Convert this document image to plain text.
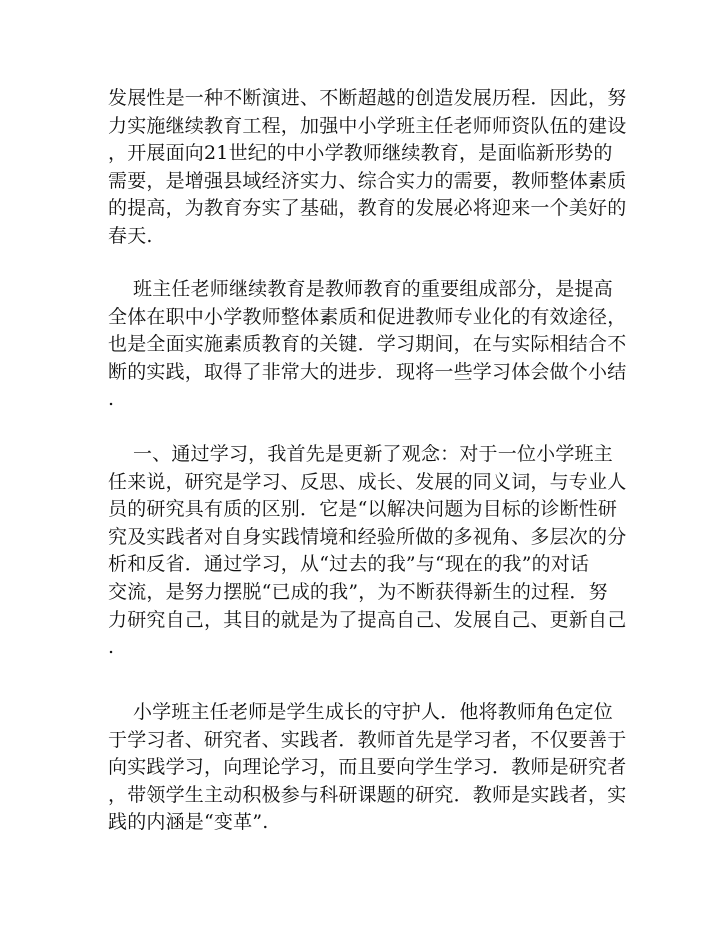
发展性是一种不断演进、不断超越的创造发展历程．因此，努
力实施继续教育工程，加强中小学班主任老师师资队伍的建设
，开展面向21世纪的中小学教师继续教育，是面临新形势的
需要，是增强县域经济实力、综合实力的需要，教师整体素质
的提高，为教育夯实了基础，教育的发展必将迎来一个美好的
春天.
班主任老师继续教育是教师教育的重要组成部分，是提高
全体在职中小学教师整体素质和促进教师专业化的有效途径，
也是全面实施素质教育的关键．学习期间，在与实际相结合不
断的实践，取得了非常大的进步．现将一些学习体会做个小结
.
一、通过学习，我首先是更新了观念：对于一位小学班主
任来说，研究是学习、反思、成长、发展的同义词，与专业人
员的研究具有质的区别．它是“以解决问题为目标的诊断性研
究及实践者对自身实践情境和经验所做的多视角、多层次的分
析和反省．通过学习，从“过去的我”与“现在的我”的对话
交流，是努力摆脱“已成的我”，为不断获得新生的过程．努
力研究自己，其目的就是为了提高自己、发展自己、更新自己
.
小学班主任老师是学生成长的守护人．他将教师角色定位
于学习者、研究者、实践者．教师首先是学习者，不仅要善于
向实践学习，向理论学习，而且要向学生学习．教师是研究者
，带领学生主动积极参与科研课题的研究．教师是实践者，实
践的内涵是“变革”.
